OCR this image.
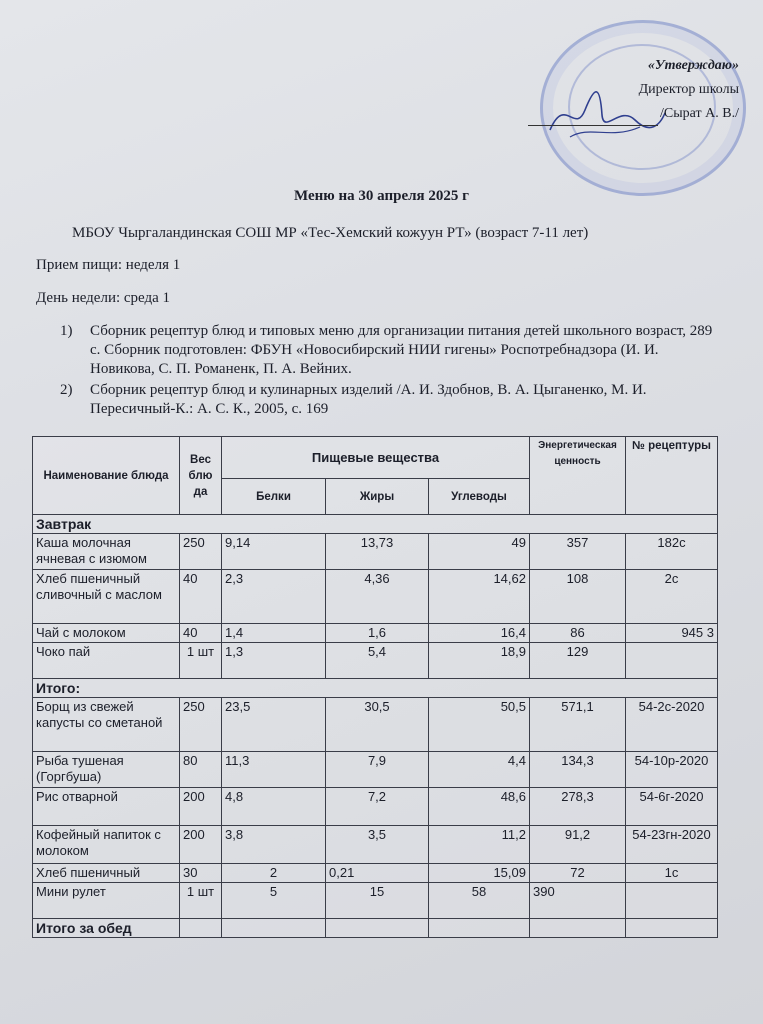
«Утверждаю»
Директор школы
/Сырат А. В./
Меню на 30 апреля 2025 г
МБОУ Чыргаландинская СОШ МР «Тес-Хемский кожуун РТ» (возраст 7-11 лет)
Прием пищи: неделя 1
День недели: среда 1
1) Сборник рецептур блюд и типовых меню для организации питания детей школьного возраст, 289 с. Сборник подготовлен: ФБУН «Новосибирский НИИ гигены» Роспотребнадзора (И. И. Новикова, С. П. Романенк, П. А. Вейних.
2) Сборник рецептур блюд и кулинарных изделий /А. И. Здобнов, В. А. Цыганенко, М. И. Пересичный-К.: А. С. К., 2005, с. 169
Наименование блюда	Вес блю да	Пищевые вещества			Энергетическая ценность	№ рецептуры
		Белки	Жиры	Углеводы		
Завтрак						
Каша молочная ячневая с изюмом	250	9,14	13,73	49	357	182с
Хлеб пшеничный сливочный с маслом	40	2,3	4,36	14,62	108	2с
Чай с молоком	40	1,4	1,6	16,4	86	945 3
Чоко пай	1 шт	1,3	5,4	18,9	129	
Итого:						
Борщ из свежей капусты со сметаной	250	23,5	30,5	50,5	571,1	54-2с-2020
Рыба тушеная (Горгбуша)	80	11,3	7,9	4,4	134,3	54-10р-2020
Рис отварной	200	4,8	7,2	48,6	278,3	54-6г-2020
Кофейный напиток с молоком	200	3,8	3,5	11,2	91,2	54-23гн-2020
Хлеб пшеничный	30	2	0,21	15,09	72	1с
Мини рулет	1 шт	5	15	58	390	
Итого за обед						
